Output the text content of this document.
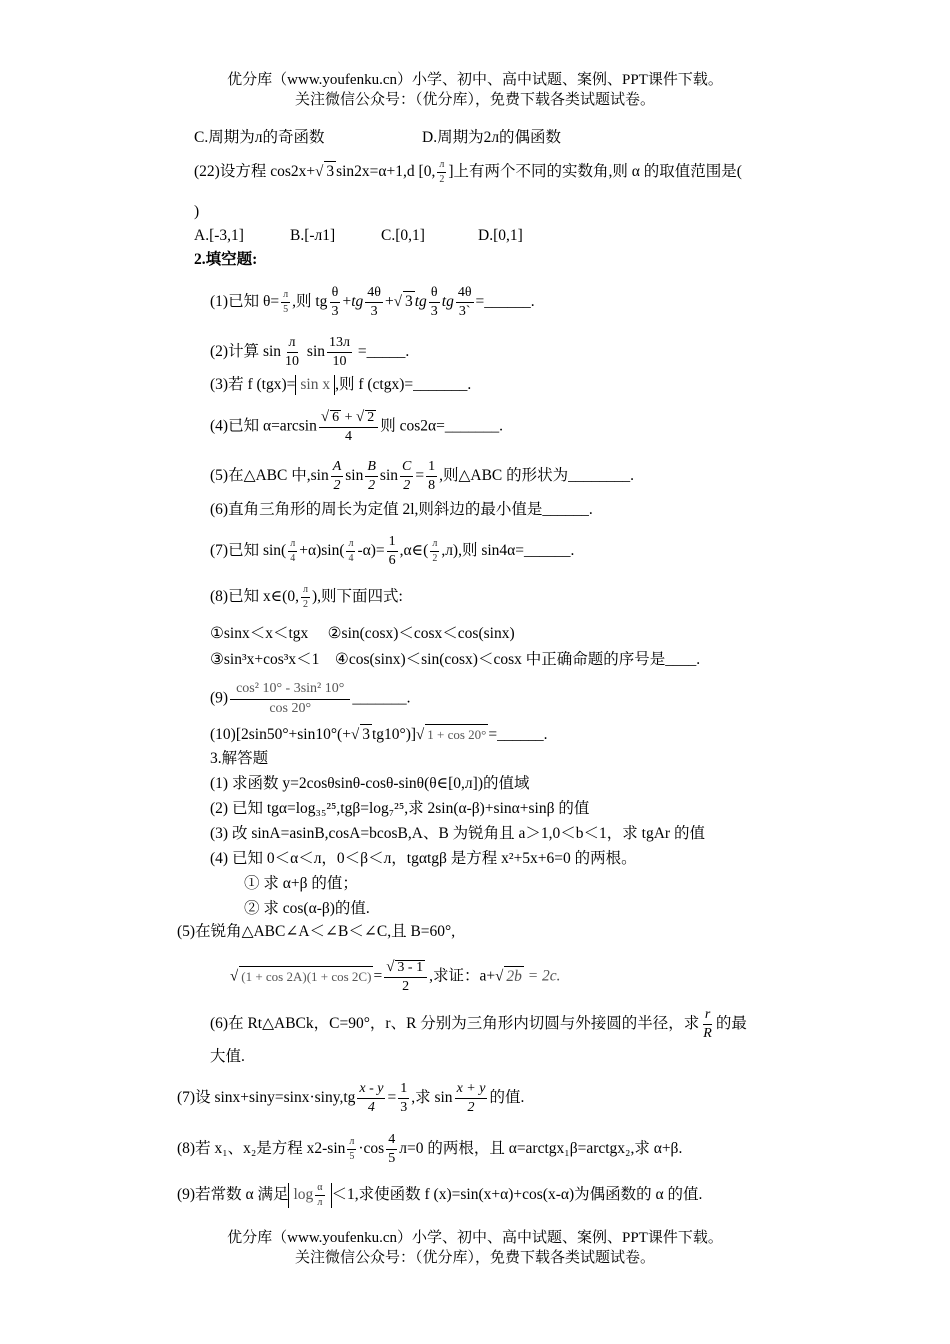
优分库（www.youfenku.cn）小学、初中、高中试题、案例、PPT课件下载。
关注微信公众号：（优分库），免费下载各类试题试卷。
C.周期为л的奇函数	D.周期为2л的偶函数
(22)设方程 cos2x+√ 3 sin2x=α+1,d [0, $\frac{л}{2}$ ]上有两个不同的实数角,则 α 的取值范围是(
)
A.[-3,1]	B.[-л1]	C.[0,1]	D.[0,1]
2.填空题:
(1)已知 $\theta= \frac{л}{5}$ ,则 tg $\frac{\theta}{3} +tg \frac{4\theta}{3}$ +√ 3 tg $\frac{\theta}{3}$ tg $\frac{4\theta}{3`}$ =______.
(2)计算 $\sin \frac{л}{10}$ $\sin \frac{13л}{10}$ =_____.
(3)若 f (tgx)= sin x ,则 f (ctgx)=_______.
(4)已知 $\alpha=\arcsin \frac{√ 6 + √ 2}{4}$ 则 cos2α=_______.
(5)在△ABC 中$,\sin \frac{A}{2}$ $\sin \frac{B}{2}$ $\sin \frac{C}{2} = \frac{1}{8}$ ,则△ABC 的形状为________.
(6)直角三角形的周长为定值 2l,则斜边的最小值是______.
(7)已知 $\sin( \frac{л}{4} +\alpha)\sin( \frac{л}{4} -\alpha)= \frac{1}{6}$ ,α∈( $\frac{л}{2} ,л$),则 sin4α=______.
(8)已知 x∈(0, $\frac{л}{2}$ ),则下面四式:
①sinx＜x＜tgx　 ②sin(cosx)＜cosx＜cos(sinx)
③sin³x+cos³x＜1　④cos(sinx)＜sin(cosx)＜cosx 中正确命题的序号是____.
$(9) \frac{\text{cos² 10° - 3sin² 10°}}{\cos 20^\circ}$ _______.
(10)[2sin50°+sin10°(+√ 3 tg10°)]√ 1 + cos 20° =______.
3.解答题
(1) 求函数 y=2cosθsinθ-cosθ-sinθ(θ∈[0,л])的值域
(2) 已知 tgα=log₃₅²⁵,tgβ=log₇²⁵,求 2sin(α-β)+sinα+sinβ 的值
(3) 改 sinA=asinB,cosA=bcosB,A、B 为锐角且 a＞1,0＜b＜1，求 tgAr 的值
(4) 已知 0＜α＜л，0＜β＜л，tgαtgβ 是方程 x²+5x+6=0 的两根。
① 求 α+β 的值；
② 求 cos(α-β)的值.
(5)在锐角△ABC∠A＜∠B＜∠C,且 B=60°,
√ $(1 + \cos 2A)(1 + \cos 2C) = \frac{√ 3 - 1}{2}$ ,求证：a+√ 2b = 2c.
(6)在 Rt△ABCk，C=90°，r、R 分别为三角形内切圆与外接圆的半径，求 $\frac{r}{R}$ 的最
大值.
(7)设 $\sin x+\sin y=\sin x\cdot\sin y,tg \frac{x - y}{4} = \frac{1}{3}$ ,求 $\sin \frac{x + y}{2}$ 的值.
(8)若 x₁、x₂是方程 $x2-\sin \frac{л}{5} \cdot\cos \frac{4}{5} л=0$ 的两根，且 α=arctgx₁β=arctgx₂,求 α+β.
(9)若常数 α 满足 $\log \frac{\alpha}{л} <1$,求使函数 f (x)=sin(x+α)+cos(x-α)为偶函数的 α 的值.
优分库（www.youfenku.cn）小学、初中、高中试题、案例、PPT课件下载。
关注微信公众号：（优分库），免费下载各类试题试卷。
